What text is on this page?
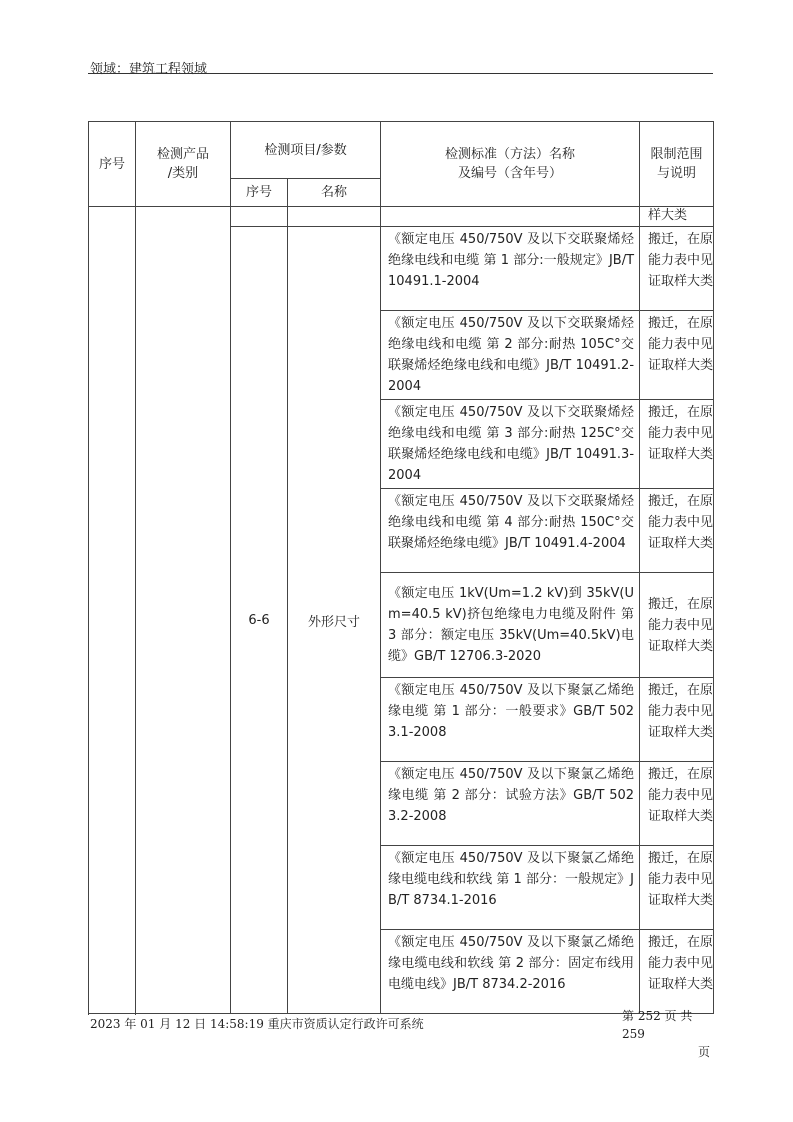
领域：建筑工程领域
序号	检测产品
/类别	检测项目/参数		检测标准（方法）名称
及编号（含年号）	限制范围
与说明
		序号	名称		
					样大类
		6-6	外形尺寸	《额定电压 450/750V 及以下交联聚烯烃绝缘电线和电缆 第 1 部分:一般规定》JB/T 10491.1-2004	搬迁，在原能力表中见证取样大类
				《额定电压 450/750V 及以下交联聚烯烃绝缘电线和电缆 第 2 部分:耐热 105C°交联聚烯烃绝缘电线和电缆》JB/T 10491.2-2004	搬迁，在原能力表中见证取样大类
				《额定电压 450/750V 及以下交联聚烯烃绝缘电线和电缆 第 3 部分:耐热 125C°交联聚烯烃绝缘电线和电缆》JB/T 10491.3-2004	搬迁，在原能力表中见证取样大类
				《额定电压 450/750V 及以下交联聚烯烃绝缘电线和电缆 第 4 部分:耐热 150C°交联聚烯烃绝缘电缆》JB/T 10491.4-2004	搬迁，在原能力表中见证取样大类
				《额定电压 1kV(Um=1.2 kV)到 35kV(Um=40.5 kV)挤包绝缘电力电缆及附件 第 3 部分：额定电压 35kV(Um=40.5kV)电缆》GB/T 12706.3-2020	搬迁，在原能力表中见证取样大类
				《额定电压 450/750V 及以下聚氯乙烯绝缘电缆 第 1 部分：一般要求》GB/T 5023.1-2008	搬迁，在原能力表中见证取样大类
				《额定电压 450/750V 及以下聚氯乙烯绝缘电缆 第 2 部分：试验方法》GB/T 5023.2-2008	搬迁，在原能力表中见证取样大类
				《额定电压 450/750V 及以下聚氯乙烯绝缘电缆电线和软线 第 1 部分：一般规定》JB/T 8734.1-2016	搬迁，在原能力表中见证取样大类
				《额定电压 450/750V 及以下聚氯乙烯绝缘电缆电线和软线 第 2 部分：固定布线用电缆电线》JB/T 8734.2-2016	搬迁，在原能力表中见证取样大类

2023 年 01 月 12 日 14:58:19 重庆市资质认定行政许可系统
第 252 页 共 259
页
